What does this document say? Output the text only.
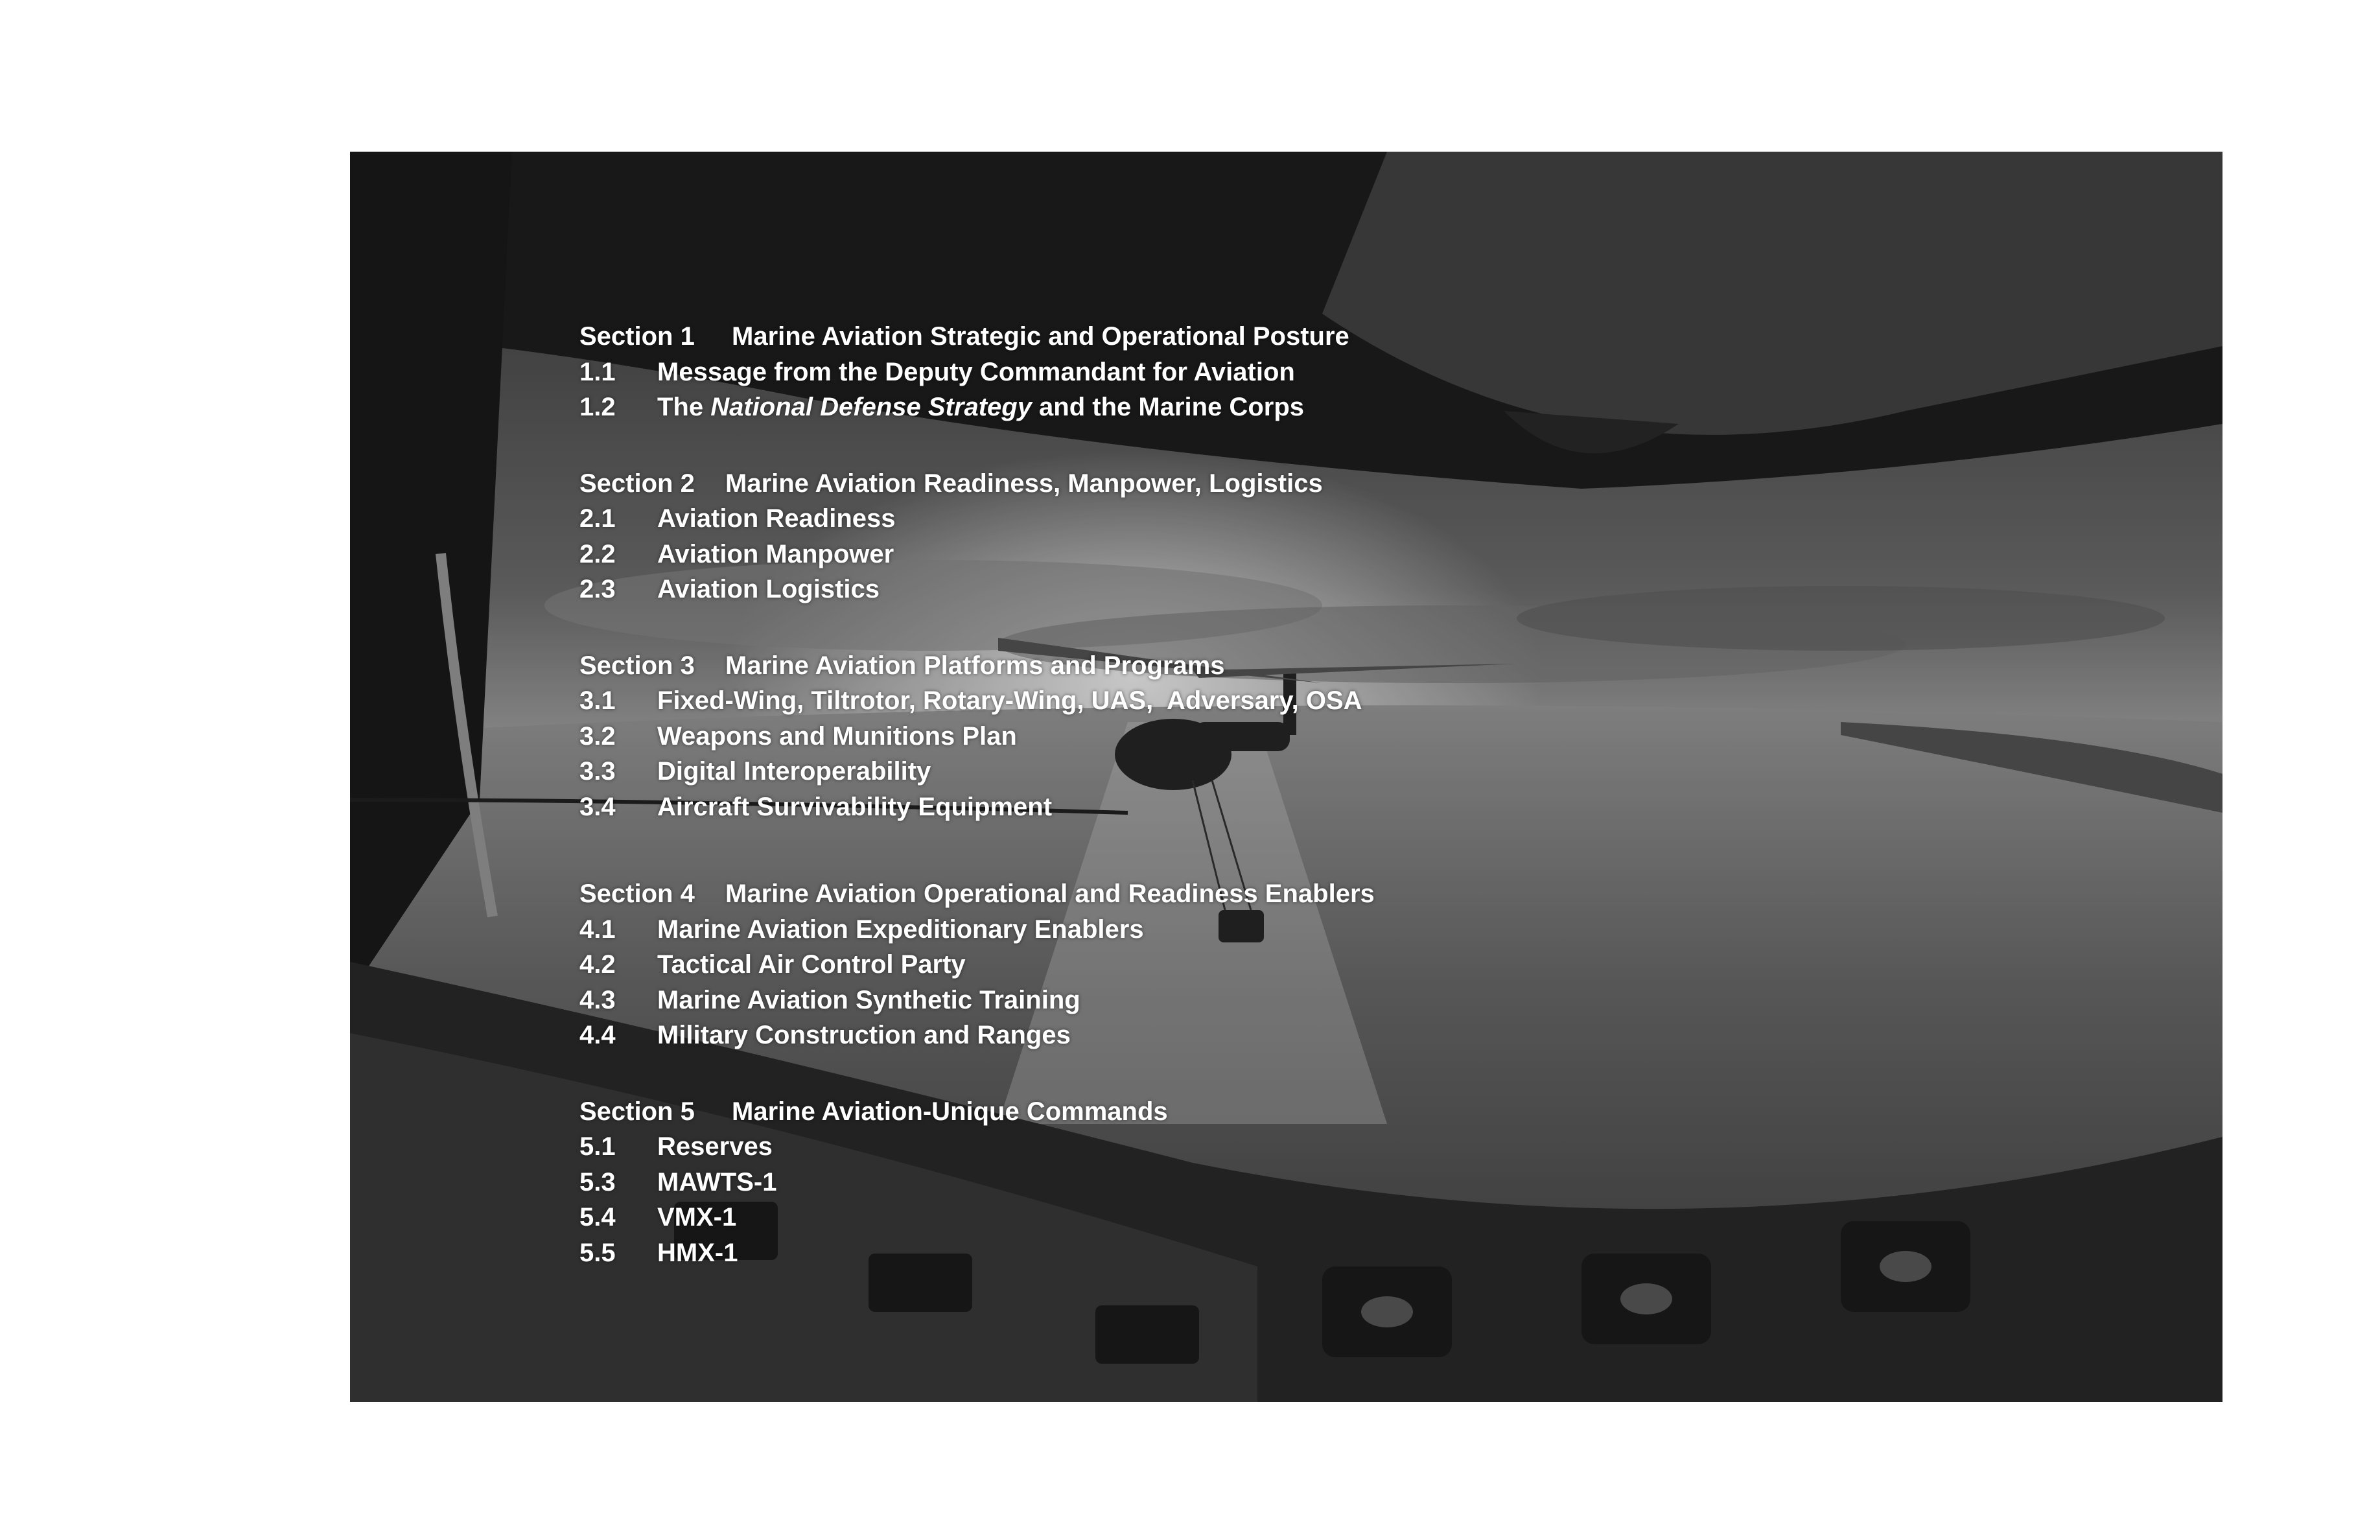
Section 1	Marine Aviation Strategic and Operational Posture
1.1	Message from the Deputy Commandant for Aviation
1.2	The National Defense Strategy and the Marine Corps
Section 2	Marine Aviation Readiness, Manpower, Logistics
2.1	Aviation Readiness
2.2	Aviation Manpower
2.3	Aviation Logistics
Section 3	Marine Aviation Platforms and Programs
3.1	Fixed-Wing, Tiltrotor, Rotary-Wing, UAS,  Adversary, OSA
3.2	Weapons and Munitions Plan
3.3	Digital Interoperability
3.4	Aircraft Survivability Equipment
Section 4	Marine Aviation Operational and Readiness Enablers
4.1	Marine Aviation Expeditionary Enablers
4.2	Tactical Air Control Party
4.3	Marine Aviation Synthetic Training
4.4	Military Construction and Ranges
Section 5	Marine Aviation-Unique Commands
5.1	Reserves
5.3	MAWTS-1
5.4	VMX-1
5.5	HMX-1
